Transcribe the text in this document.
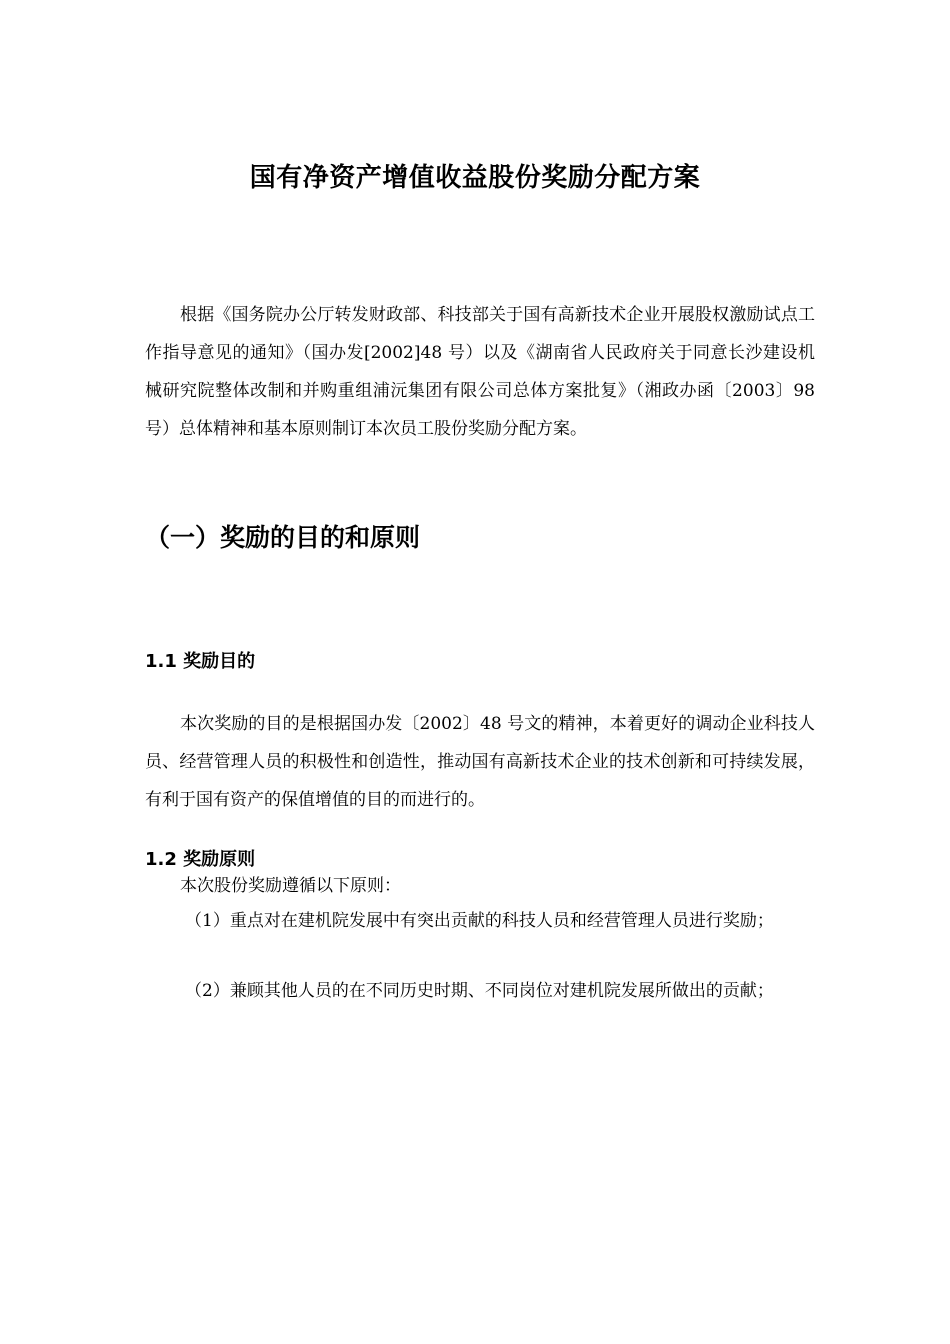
国有净资产增值收益股份奖励分配方案
根据《国务院办公厅转发财政部、科技部关于国有高新技术企业开展股权激励试点工作指导意见的通知》（国办发[2002]48 号）以及《湖南省人民政府关于同意长沙建设机械研究院整体改制和并购重组浦沅集团有限公司总体方案批复》（湘政办函〔2003〕98 号）总体精神和基本原则制订本次员工股份奖励分配方案。
（一）奖励的目的和原则
1.1 奖励目的
本次奖励的目的是根据国办发〔2002〕48 号文的精神，本着更好的调动企业科技人员、经营管理人员的积极性和创造性，推动国有高新技术企业的技术创新和可持续发展，有利于国有资产的保值增值的目的而进行的。
1.2 奖励原则
本次股份奖励遵循以下原则：
（1）重点对在建机院发展中有突出贡献的科技人员和经营管理人员进行奖励；
（2）兼顾其他人员的在不同历史时期、不同岗位对建机院发展所做出的贡献；
